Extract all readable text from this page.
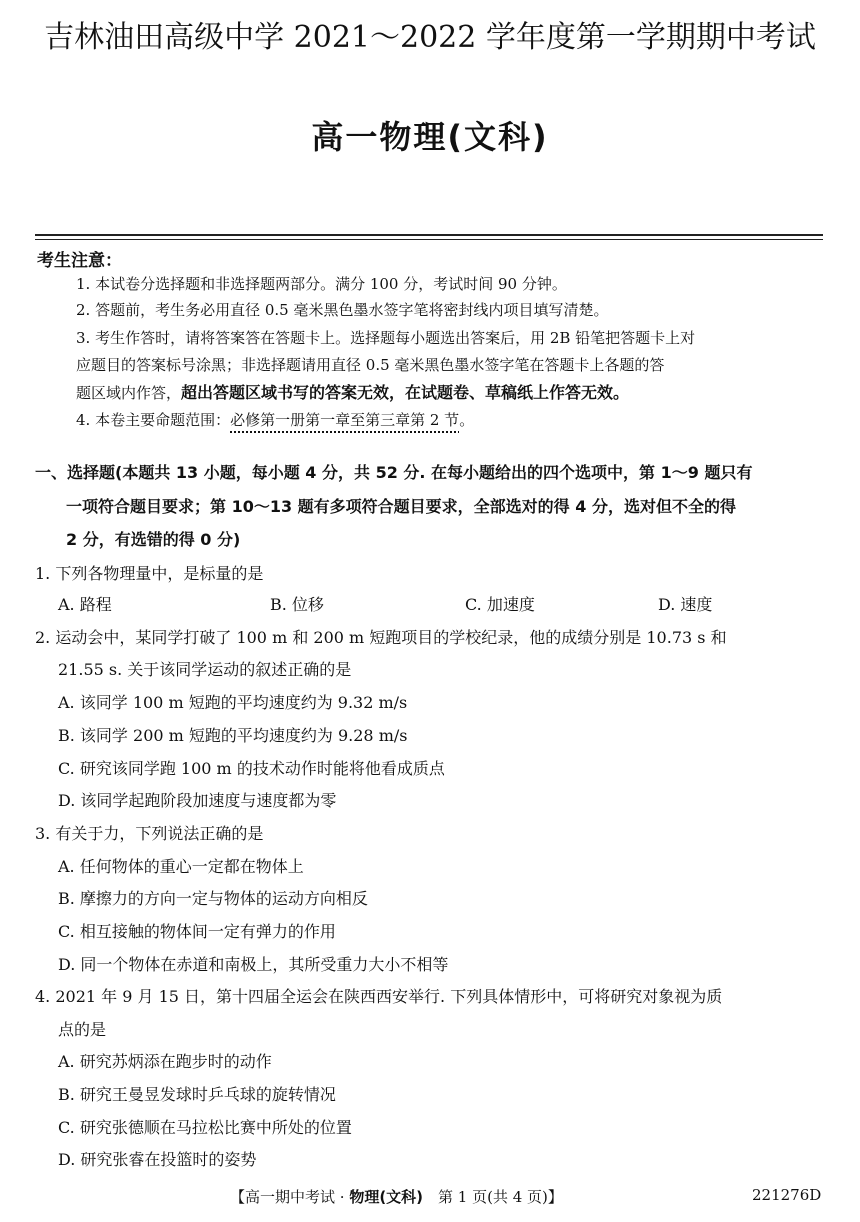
吉林油田高级中学 2021～2022 学年度第一学期期中考试
高一物理(文科)
考生注意：
1. 本试卷分选择题和非选择题两部分。满分 100 分，考试时间 90 分钟。
2. 答题前，考生务必用直径 0.5 毫米黑色墨水签字笔将密封线内项目填写清楚。
3. 考生作答时，请将答案答在答题卡上。选择题每小题选出答案后，用 2B 铅笔把答题卡上对
应题目的答案标号涂黑；非选择题请用直径 0.5 毫米黑色墨水签字笔在答题卡上各题的答
题区域内作答，超出答题区域书写的答案无效，在试题卷、草稿纸上作答无效。
4. 本卷主要命题范围：必修第一册第一章至第三章第 2 节。
一、选择题(本题共 13 小题，每小题 4 分，共 52 分. 在每小题给出的四个选项中，第 1～9 题只有
一项符合题目要求；第 10～13 题有多项符合题目要求，全部选对的得 4 分，选对但不全的得
2 分，有选错的得 0 分)
1. 下列各物理量中，是标量的是
A. 路程	B. 位移	C. 加速度	D. 速度
2. 运动会中，某同学打破了 100 m 和 200 m 短跑项目的学校纪录，他的成绩分别是 10.73 s 和
21.55 s. 关于该同学运动的叙述正确的是
A. 该同学 100 m 短跑的平均速度约为 9.32 m/s
B. 该同学 200 m 短跑的平均速度约为 9.28 m/s
C. 研究该同学跑 100 m 的技术动作时能将他看成质点
D. 该同学起跑阶段加速度与速度都为零
3. 有关于力，下列说法正确的是
A. 任何物体的重心一定都在物体上
B. 摩擦力的方向一定与物体的运动方向相反
C. 相互接触的物体间一定有弹力的作用
D. 同一个物体在赤道和南极上，其所受重力大小不相等
4. 2021 年 9 月 15 日，第十四届全运会在陕西西安举行. 下列具体情形中，可将研究对象视为质
点的是
A. 研究苏炳添在跑步时的动作
B. 研究王曼昱发球时乒乓球的旋转情况
C. 研究张德顺在马拉松比赛中所处的位置
D. 研究张睿在投篮时的姿势
【高一期中考试 · 物理(文科)　第 1 页(共 4 页)】	221276D
